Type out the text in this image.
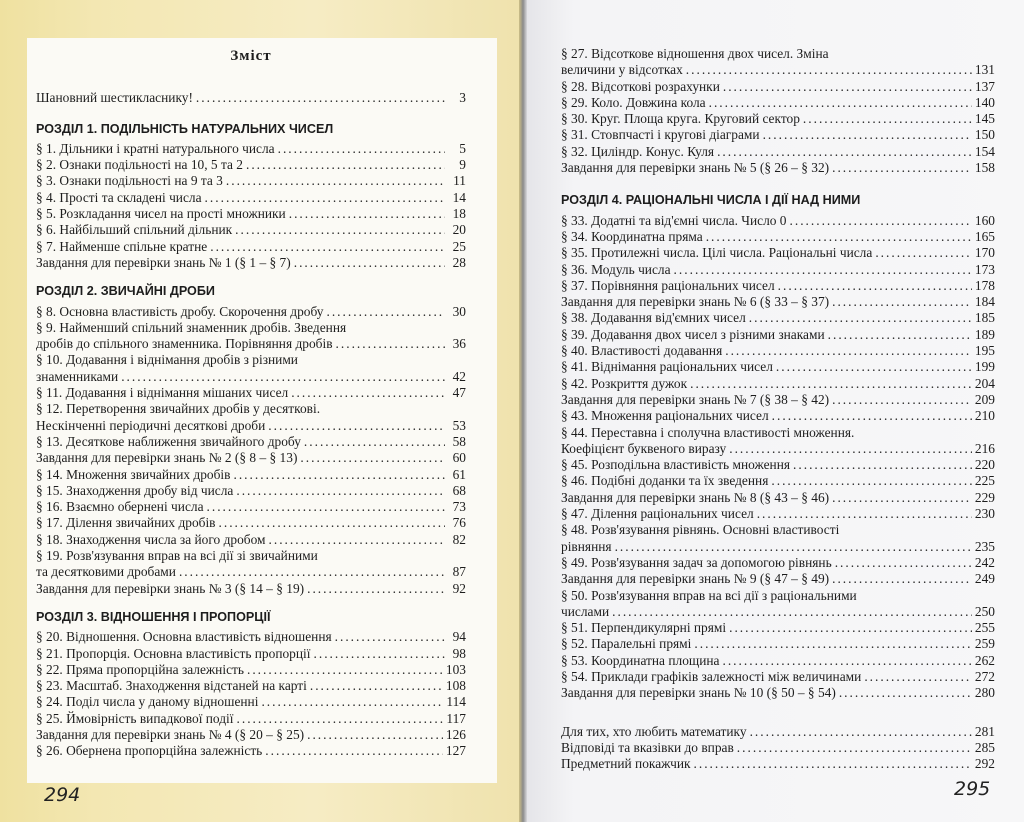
Зміст
Шановний шестикласнику! .....	3
РОЗДІЛ 1. ПОДІЛЬНІСТЬ НАТУРАЛЬНИХ ЧИСЕЛ
§ 1. Дільники і кратні натурального числа .....	5
§ 2. Ознаки подільності на 10, 5 та 2 .....	9
§ 3. Ознаки подільності на 9 та 3 .....	11
§ 4. Прості та складені числа .....	14
§ 5. Розкладання чисел на прості множники .....	18
§ 6. Найбільший спільний дільник .....	20
§ 7. Найменше спільне кратне .....	25
Завдання для перевірки знань № 1 (§ 1 – § 7) .....	28
РОЗДІЛ 2. ЗВИЧАЙНІ ДРОБИ
§ 8. Основна властивість дробу. Скорочення дробу .....	30
§ 9. Найменший спільний знаменник дробів. Зведення
дробів до спільного знаменника. Порівняння дробів .....	36
§ 10. Додавання і віднімання дробів з різними
знаменниками .....	42
§ 11. Додавання і віднімання мішаних чисел .....	47
§ 12. Перетворення звичайних дробів у десяткові.
Нескінченні періодичні десяткові дроби .....	53
§ 13. Десяткове наближення звичайного дробу .....	58
Завдання для перевірки знань № 2 (§ 8 – § 13) .....	60
§ 14. Множення звичайних дробів .....	61
§ 15. Знаходження дробу від числа .....	68
§ 16. Взаємно обернені числа .....	73
§ 17. Ділення звичайних дробів .....	76
§ 18. Знаходження числа за його дробом .....	82
§ 19. Розв'язування вправ на всі дії зі звичайними
та десятковими дробами .....	87
Завдання для перевірки знань № 3 (§ 14 – § 19) .....	92
РОЗДІЛ 3. ВІДНОШЕННЯ І ПРОПОРЦІЇ
§ 20. Відношення. Основна властивість відношення .....	94
§ 21. Пропорція. Основна властивість пропорції .....	98
§ 22. Пряма пропорційна залежність .....	103
§ 23. Масштаб. Знаходження відстаней на карті .....	108
§ 24. Поділ числа у даному відношенні .....	114
§ 25. Ймовірність випадкової події .....	117
Завдання для перевірки знань № 4 (§ 20 – § 25) .....	126
§ 26. Обернена пропорційна залежність .....	127
§ 27. Відсоткове відношення двох чисел. Зміна
величини у відсотках .....	131
§ 28. Відсоткові розрахунки .....	137
§ 29. Коло. Довжина кола .....	140
§ 30. Круг. Площа круга. Круговий сектор .....	145
§ 31. Стовпчасті і кругові діаграми .....	150
§ 32. Циліндр. Конус. Куля .....	154
Завдання для перевірки знань № 5 (§ 26 – § 32) .....	158
РОЗДІЛ 4. РАЦІОНАЛЬНІ ЧИСЛА І ДІЇ НАД НИМИ
§ 33. Додатні та від'ємні числа. Число 0 .....	160
§ 34. Координатна пряма .....	165
§ 35. Протилежні числа. Цілі числа. Раціональні числа .....	170
§ 36. Модуль числа .....	173
§ 37. Порівняння раціональних чисел .....	178
Завдання для перевірки знань № 6 (§ 33 – § 37) .....	184
§ 38. Додавання від'ємних чисел .....	185
§ 39. Додавання двох чисел з різними знаками .....	189
§ 40. Властивості додавання .....	195
§ 41. Віднімання раціональних чисел .....	199
§ 42. Розкриття дужок .....	204
Завдання для перевірки знань № 7 (§ 38 – § 42) .....	209
§ 43. Множення раціональних чисел .....	210
§ 44. Переставна і сполучна властивості множення.
Коефіцієнт буквеного виразу .....	216
§ 45. Розподільна властивість множення .....	220
§ 46. Подібні доданки та їх зведення .....	225
Завдання для перевірки знань № 8 (§ 43 – § 46) .....	229
§ 47. Ділення раціональних чисел .....	230
§ 48. Розв'язування рівнянь. Основні властивості
рівняння .....	235
§ 49. Розв'язування задач за допомогою рівнянь .....	242
Завдання для перевірки знань № 9 (§ 47 – § 49) .....	249
§ 50. Розв'язування вправ на всі дії з раціональними
числами .....	250
§ 51. Перпендикулярні прямі .....	255
§ 52. Паралельні прямі .....	259
§ 53. Координатна площина .....	262
§ 54. Приклади графіків залежності між величинами .....	272
Завдання для перевірки знань № 10 (§ 50 – § 54) .....	280
Для тих, хто любить математику .....	281
Відповіді та вказівки до вправ .....	285
Предметний покажчик .....	292
294	295
